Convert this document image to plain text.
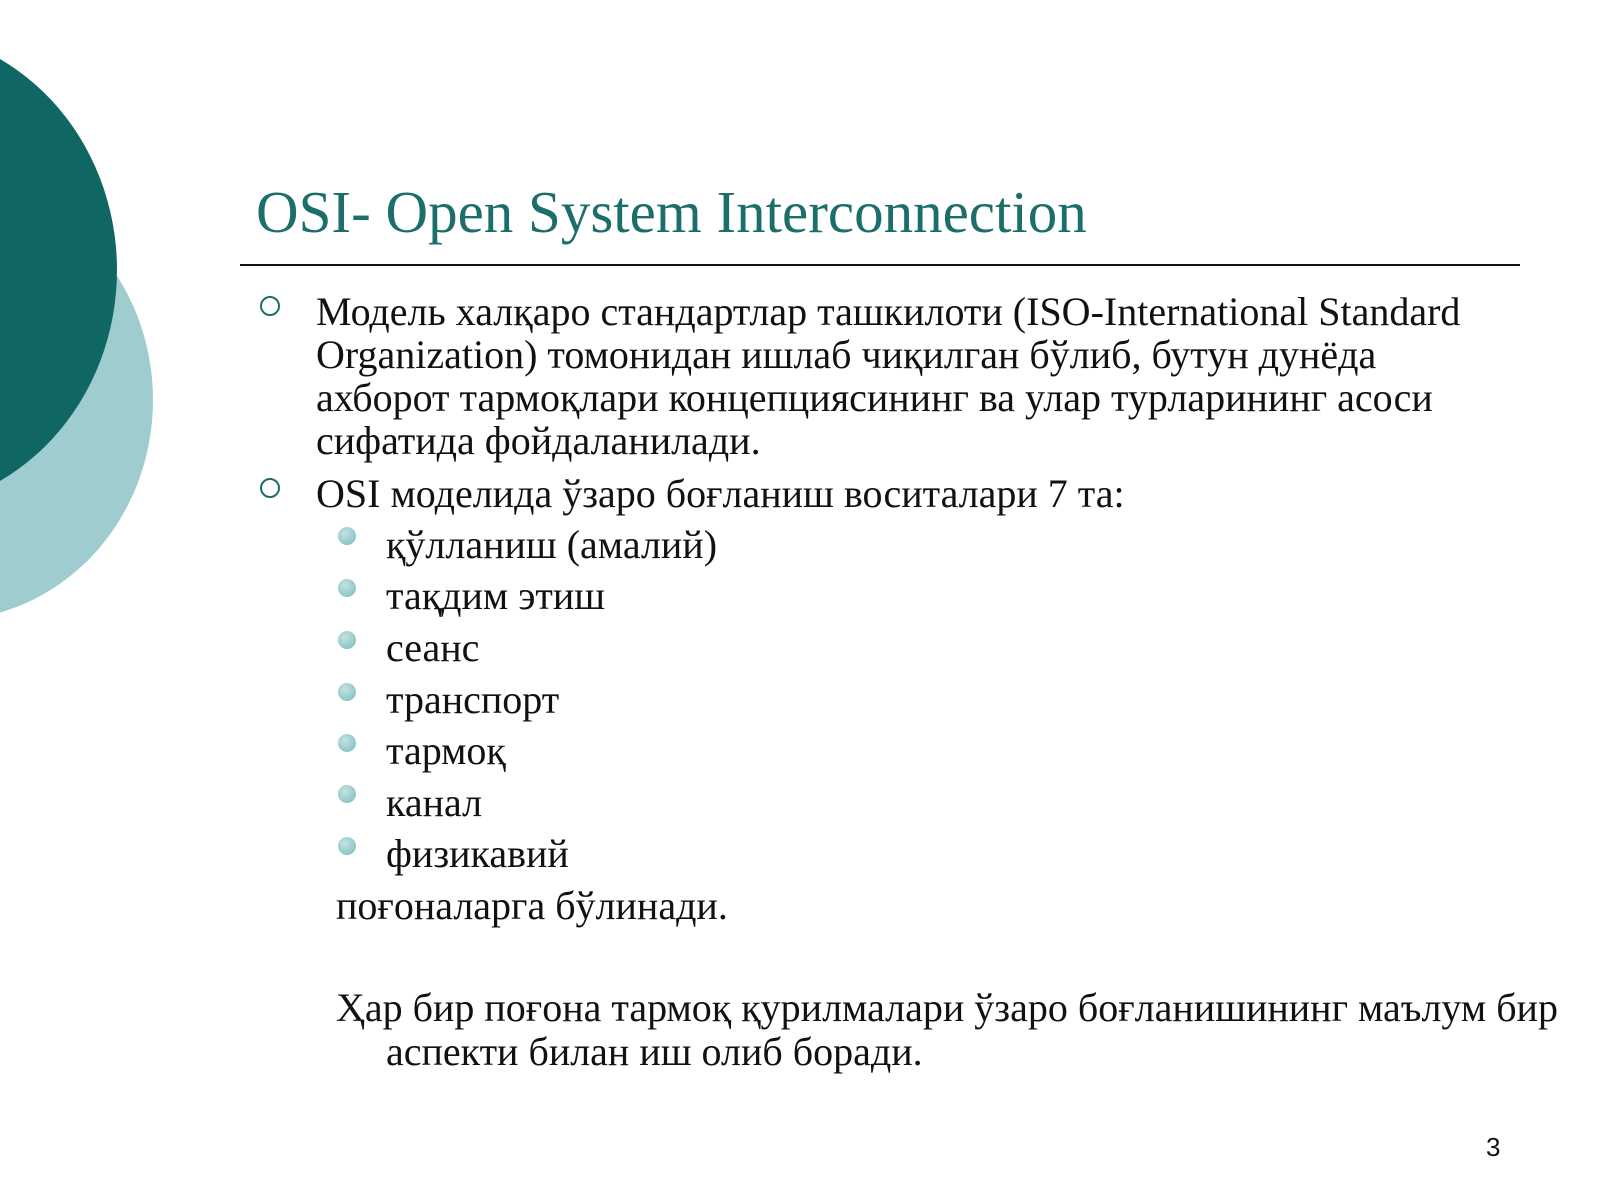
OSI- Open System Interconnection

Модель халқаро стандартлар ташкилоти (ISO-International Standard Organization) томонидан ишлаб чиқилган бўлиб, бутун дунёда ахборот тармоқлари концепциясининг ва улар турларининг асоси сифатида фойдаланилади.

OSI моделида ўзаро боғланиш воситалари 7 та:

қўлланиш (амалий)
тақдим этиш
сеанс
транспорт
тармоқ
канал
физикавий
поғоналарга бўлинади.

Ҳар бир поғона тармоқ қурилмалари ўзаро боғланишининг маълум бир аспекти билан иш олиб боради.

3
